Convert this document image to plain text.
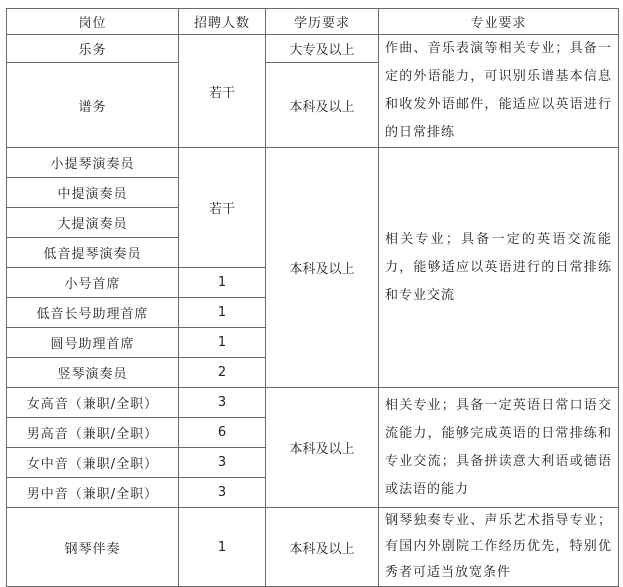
岗位	招聘人数	学历要求	专业要求
乐务	若干	大专及以上	作曲、音乐表演等相关专业；具备一定的外语能力，可识别乐谱基本信息和收发外语邮件，能适应以英语进行的日常排练
谱务		本科及以上	
小提琴演奏员	若干	本科及以上	相关专业；具备一定的英语交流能力，能够适应以英语进行的日常排练和专业交流
中提演奏员			
大提演奏员			
低音提琴演奏员			
小号首席	1		
低音长号助理首席	1		
圆号助理首席	1		
竖琴演奏员	2		
女高音（兼职/全职）	3	本科及以上	相关专业；具备一定英语日常口语交流能力，能够完成英语的日常排练和专业交流；具备拼读意大利语或德语或法语的能力
男高音（兼职/全职）	6		
女中音（兼职/全职）	3		
男中音（兼职/全职）	3		
钢琴伴奏	1	本科及以上	钢琴独奏专业、声乐艺术指导专业；有国内外剧院工作经历优先，特别优秀者可适当放宽条件
